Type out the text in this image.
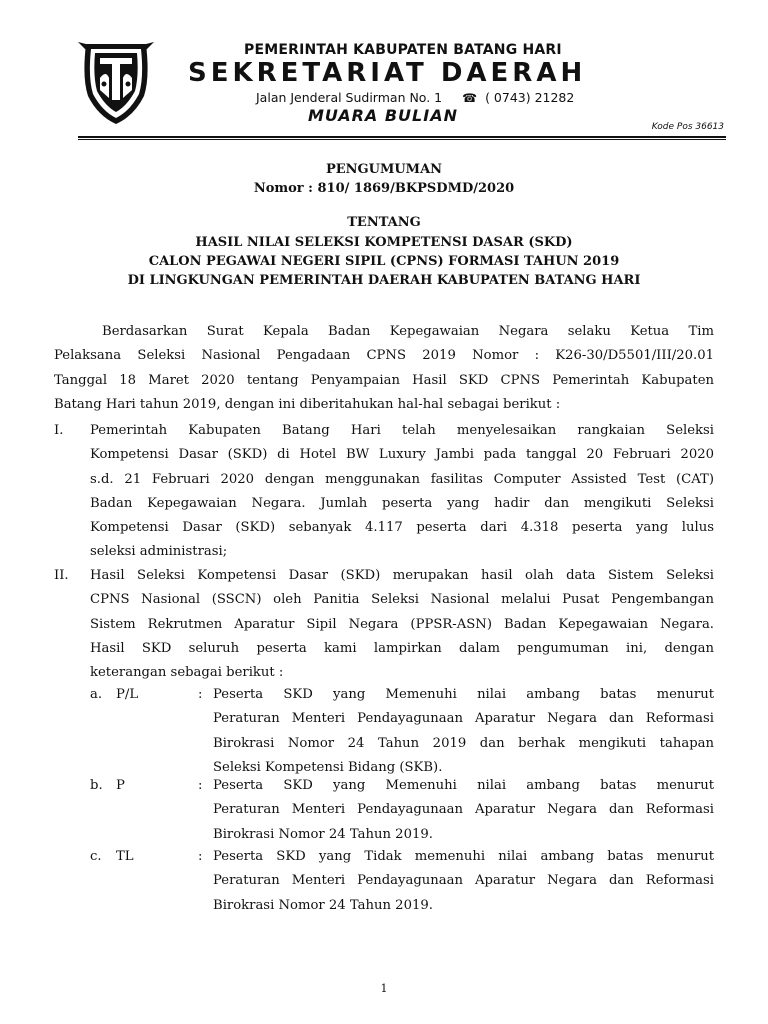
PEMERINTAH KABUPATEN BATANG HARI
SEKRETARIAT DAERAH
Jalan Jenderal Sudirman No. 1 ☎ ( 0743) 21282
MUARA BULIAN
Kode Pos 36613
PENGUMUMAN
Nomor : 810/ 1869/BKPSDMD/2020
TENTANG
HASIL NILAI SELEKSI KOMPETENSI DASAR (SKD)
CALON PEGAWAI NEGERI SIPIL (CPNS) FORMASI TAHUN 2019
DI LINGKUNGAN PEMERINTAH DAERAH KABUPATEN BATANG HARI
Berdasarkan Surat Kepala Badan Kepegawaian Negara selaku Ketua Tim
Pelaksana Seleksi Nasional Pengadaan CPNS 2019 Nomor : K26-30/D5501/III/20.01
Tanggal 18 Maret 2020 tentang Penyampaian Hasil SKD CPNS Pemerintah Kabupaten
Batang Hari tahun 2019, dengan ini diberitahukan hal-hal sebagai berikut :
I. Pemerintah Kabupaten Batang Hari telah menyelesaikan rangkaian Seleksi
Kompetensi Dasar (SKD) di Hotel BW Luxury Jambi pada tanggal 20 Februari 2020
s.d. 21 Februari 2020 dengan menggunakan fasilitas Computer Assisted Test (CAT)
Badan Kepegawaian Negara. Jumlah peserta yang hadir dan mengikuti Seleksi
Kompetensi Dasar (SKD) sebanyak 4.117 peserta dari 4.318 peserta yang lulus
seleksi administrasi;
II. Hasil Seleksi Kompetensi Dasar (SKD) merupakan hasil olah data Sistem Seleksi
CPNS Nasional (SSCN) oleh Panitia Seleksi Nasional melalui Pusat Pengembangan
Sistem Rekrutmen Aparatur Sipil Negara (PPSR-ASN) Badan Kepegawaian Negara.
Hasil SKD seluruh peserta kami lampirkan dalam pengumuman ini, dengan
keterangan sebagai berikut :
a. P/L	: Peserta SKD yang Memenuhi nilai ambang batas menurut
Peraturan Menteri Pendayagunaan Aparatur Negara dan Reformasi
Birokrasi Nomor 24 Tahun 2019 dan berhak mengikuti tahapan
Seleksi Kompetensi Bidang (SKB).
b. P	: Peserta SKD yang Memenuhi nilai ambang batas menurut
Peraturan Menteri Pendayagunaan Aparatur Negara dan Reformasi
Birokrasi Nomor 24 Tahun 2019.
c. TL	: Peserta SKD yang Tidak memenuhi nilai ambang batas menurut
Peraturan Menteri Pendayagunaan Aparatur Negara dan Reformasi
Birokrasi Nomor 24 Tahun 2019.
1
